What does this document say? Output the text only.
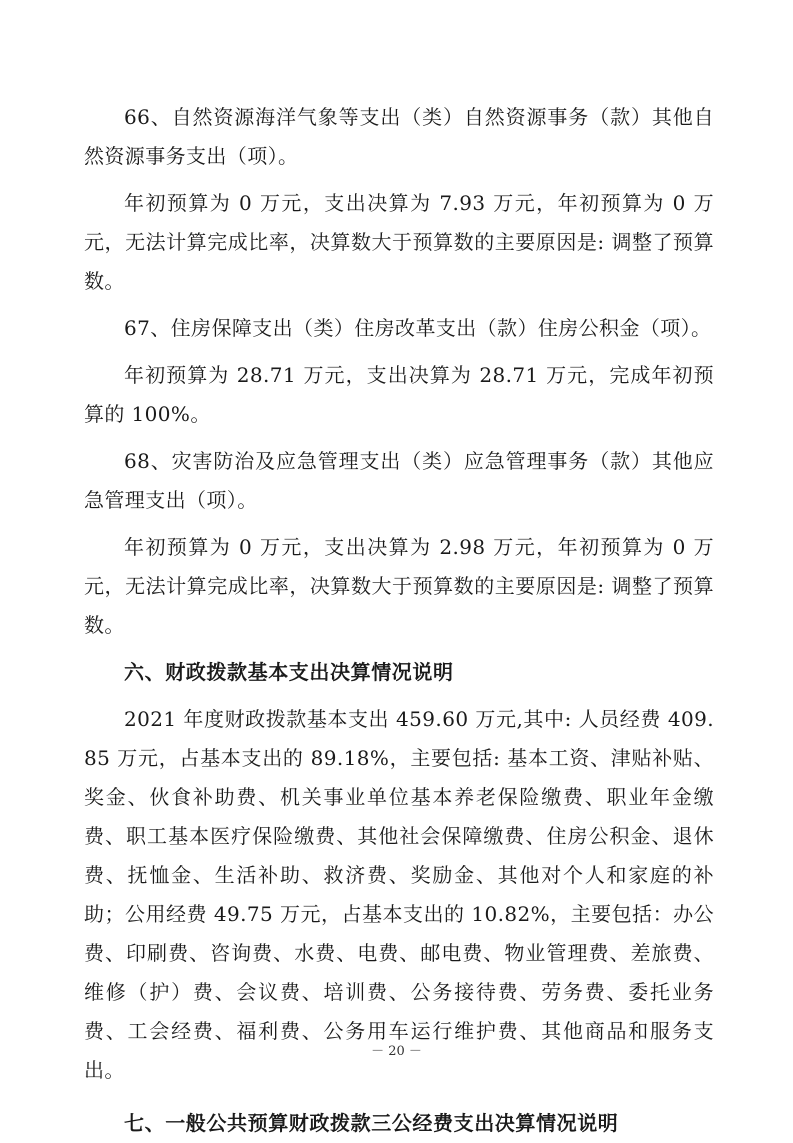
66、自然资源海洋气象等支出（类）自然资源事务（款）其他自然资源事务支出（项）。

年初预算为 0 万元，支出决算为 7.93 万元，年初预算为 0 万元，无法计算完成比率，决算数大于预算数的主要原因是: 调整了预算数。

67、住房保障支出（类）住房改革支出（款）住房公积金（项）。

年初预算为 28.71 万元，支出决算为 28.71 万元，完成年初预算的 100%。

68、灾害防治及应急管理支出（类）应急管理事务（款）其他应急管理支出（项）。

年初预算为 0 万元，支出决算为 2.98 万元，年初预算为 0 万元，无法计算完成比率，决算数大于预算数的主要原因是: 调整了预算数。

六、财政拨款基本支出决算情况说明

2021 年度财政拨款基本支出 459.60 万元,其中: 人员经费 409.85 万元，占基本支出的 89.18%，主要包括: 基本工资、津贴补贴、奖金、伙食补助费、机关事业单位基本养老保险缴费、职业年金缴费、职工基本医疗保险缴费、其他社会保障缴费、住房公积金、退休费、抚恤金、生活补助、救济费、奖励金、其他对个人和家庭的补助；公用经费 49.75 万元，占基本支出的 10.82%，主要包括：办公费、印刷费、咨询费、水费、电费、邮电费、物业管理费、差旅费、维修（护）费、会议费、培训费、公务接待费、劳务费、委托业务费、工会经费、福利费、公务用车运行维护费、其他商品和服务支出。

七、一般公共预算财政拨款三公经费支出决算情况说明
－ 20 －
